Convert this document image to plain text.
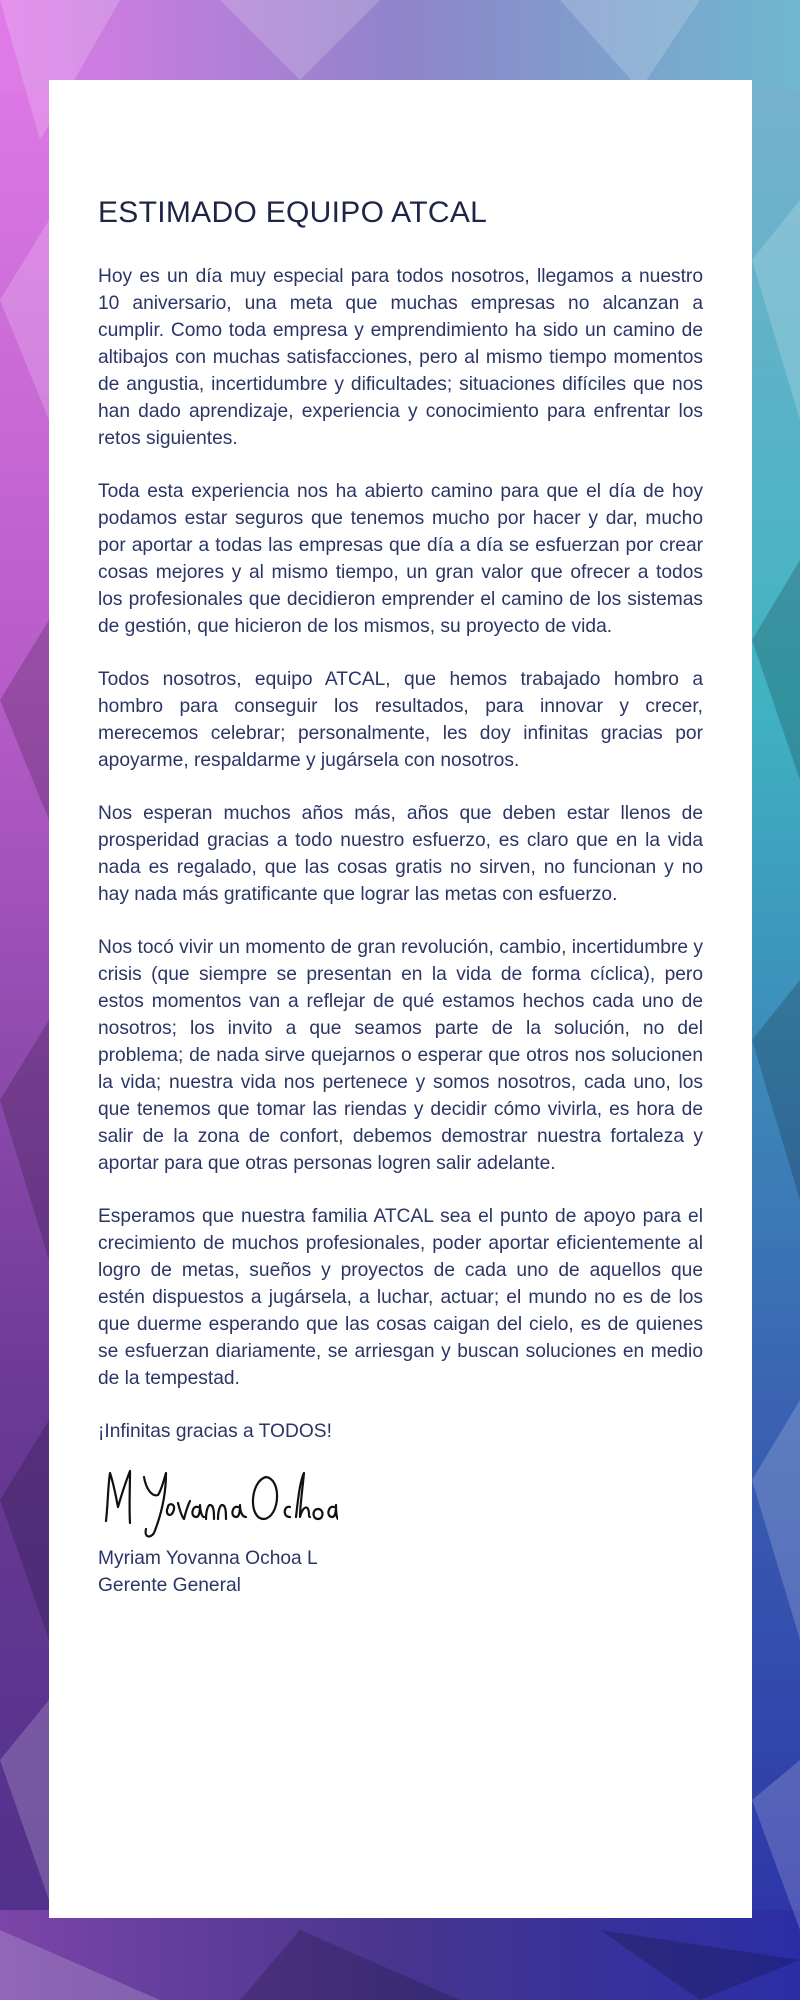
ESTIMADO EQUIPO ATCAL

Hoy es un día muy especial para todos nosotros, llegamos a nuestro 10 aniversario, una meta que muchas empresas no alcanzan a cumplir. Como toda empresa y emprendimiento ha sido un camino de altibajos con muchas satisfacciones, pero al mismo tiempo momentos de angustia, incertidumbre y dificultades; situaciones difíciles que nos han dado aprendizaje, experiencia y conocimiento para enfrentar los retos siguientes.

Toda esta experiencia nos ha abierto camino para que el día de hoy podamos estar seguros que tenemos mucho por hacer y dar, mucho por aportar a todas las empresas que día a día se esfuerzan por crear cosas mejores y al mismo tiempo, un gran valor que ofrecer a todos los profesionales que decidieron emprender el camino de los sistemas de gestión, que hicieron de los mismos, su proyecto de vida.

Todos nosotros, equipo ATCAL, que hemos trabajado hombro a hombro para conseguir los resultados, para innovar y crecer, merecemos celebrar; personalmente, les doy infinitas gracias por apoyarme, respaldarme y jugársela con nosotros.

Nos esperan muchos años más, años que deben estar llenos de prosperidad gracias a todo nuestro esfuerzo, es claro que en la vida nada es regalado, que las cosas gratis no sirven, no funcionan y no hay nada más gratificante que lograr las metas con esfuerzo.

Nos tocó vivir un momento de gran revolución, cambio, incertidumbre y crisis (que siempre se presentan en la vida de forma cíclica), pero estos momentos van a reflejar de qué estamos hechos cada uno de nosotros; los invito a que seamos parte de la solución, no del problema; de nada sirve quejarnos o esperar que otros nos solucionen la vida; nuestra vida nos pertenece y somos nosotros, cada uno, los que tenemos que tomar las riendas y decidir cómo vivirla, es hora de salir de la zona de confort, debemos demostrar nuestra fortaleza y aportar para que otras personas logren salir adelante.

Esperamos que nuestra familia ATCAL sea el punto de apoyo para el crecimiento de muchos profesionales, poder aportar eficientemente al logro de metas, sueños y proyectos de cada uno de aquellos que estén dispuestos a jugársela, a luchar, actuar; el mundo no es de los que duerme esperando que las cosas caigan del cielo, es de quienes se esfuerzan diariamente, se arriesgan y buscan soluciones en medio de la tempestad.

¡Infinitas gracias a TODOS!

Myriam Yovanna Ochoa L
Gerente General
